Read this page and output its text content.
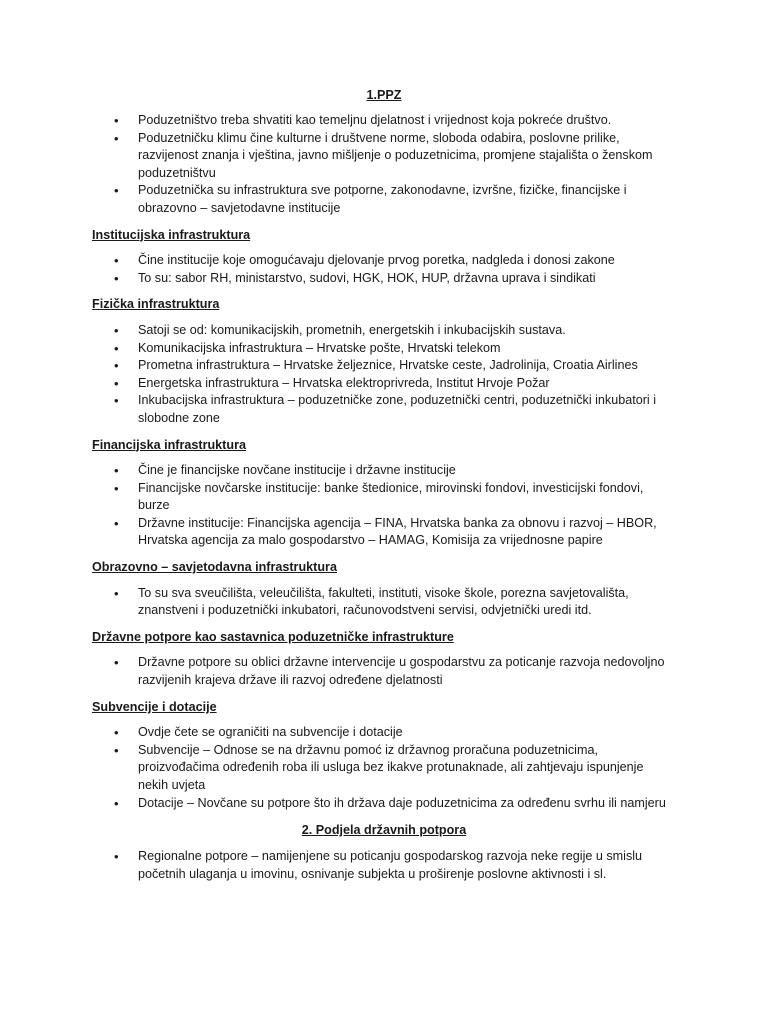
1.PPZ
• Poduzetništvo treba shvatiti kao temeljnu djelatnost i vrijednost koja pokreće društvo.
• Poduzetničku klimu čine kulturne i društvene norme, sloboda odabira, poslovne prilike, razvijenost znanja i vještina, javno mišljenje o poduzetnicima, promjene stajališta o ženskom poduzetništvu
• Poduzetnička su infrastruktura sve potporne, zakonodavne, izvršne, fizičke, financijske i obrazovno – savjetodavne institucije
Institucijska infrastruktura
• Čine institucije koje omogućavaju djelovanje prvog poretka, nadgleda i donosi zakone
• To su: sabor RH, ministarstvo, sudovi, HGK, HOK, HUP, državna uprava i sindikati
Fizička infrastruktura
• Satoji se od: komunikacijskih, prometnih, energetskih i inkubacijskih sustava.
• Komunikacijska infrastruktura – Hrvatske pošte, Hrvatski telekom
• Prometna infrastruktura – Hrvatske željeznice, Hrvatske ceste, Jadrolinija, Croatia Airlines
• Energetska infrastruktura – Hrvatska elektroprivreda, Institut Hrvoje Požar
• Inkubacijska infrastruktura – poduzetničke zone, poduzetnički centri, poduzetnički inkubatori i slobodne zone
Financijska infrastruktura
• Čine je financijske novčane institucije i državne institucije
• Financijske novčarske institucije: banke štedionice, mirovinski fondovi, investicijski fondovi, burze
• Državne institucije: Financijska agencija – FINA, Hrvatska banka za obnovu i razvoj – HBOR, Hrvatska agencija za malo gospodarstvo – HAMAG, Komisija za vrijednosne papire
Obrazovno – savjetodavna infrastruktura
• To su sva sveučilišta, veleučilišta, fakulteti, instituti, visoke škole, porezna savjetovališta, znanstveni i poduzetnički inkubatori, računovodstveni servisi, odvjetnički uredi itd.
Državne potpore kao sastavnica poduzetničke infrastrukture
• Državne potpore su oblici državne intervencije u gospodarstvu za poticanje razvoja nedovoljno razvijenih krajeva države ili razvoj određene djelatnosti
Subvencije i dotacije
• Ovdje čete se ograničiti na subvencije i dotacije
• Subvencije – Odnose se na državnu pomoć iz državnog proračuna poduzetnicima, proizvođačima određenih roba ili usluga bez ikakve protunaknade, ali zahtjevaju ispunjenje nekih uvjeta
• Dotacije – Novčane su potpore što ih država daje poduzetnicima za određenu svrhu ili namjeru
2. Podjela državnih potpora
• Regionalne potpore – namijenjene su poticanju gospodarskog razvoja neke regije u smislu početnih ulaganja u imovinu, osnivanje subjekta u proširenje poslovne aktivnosti i sl.
